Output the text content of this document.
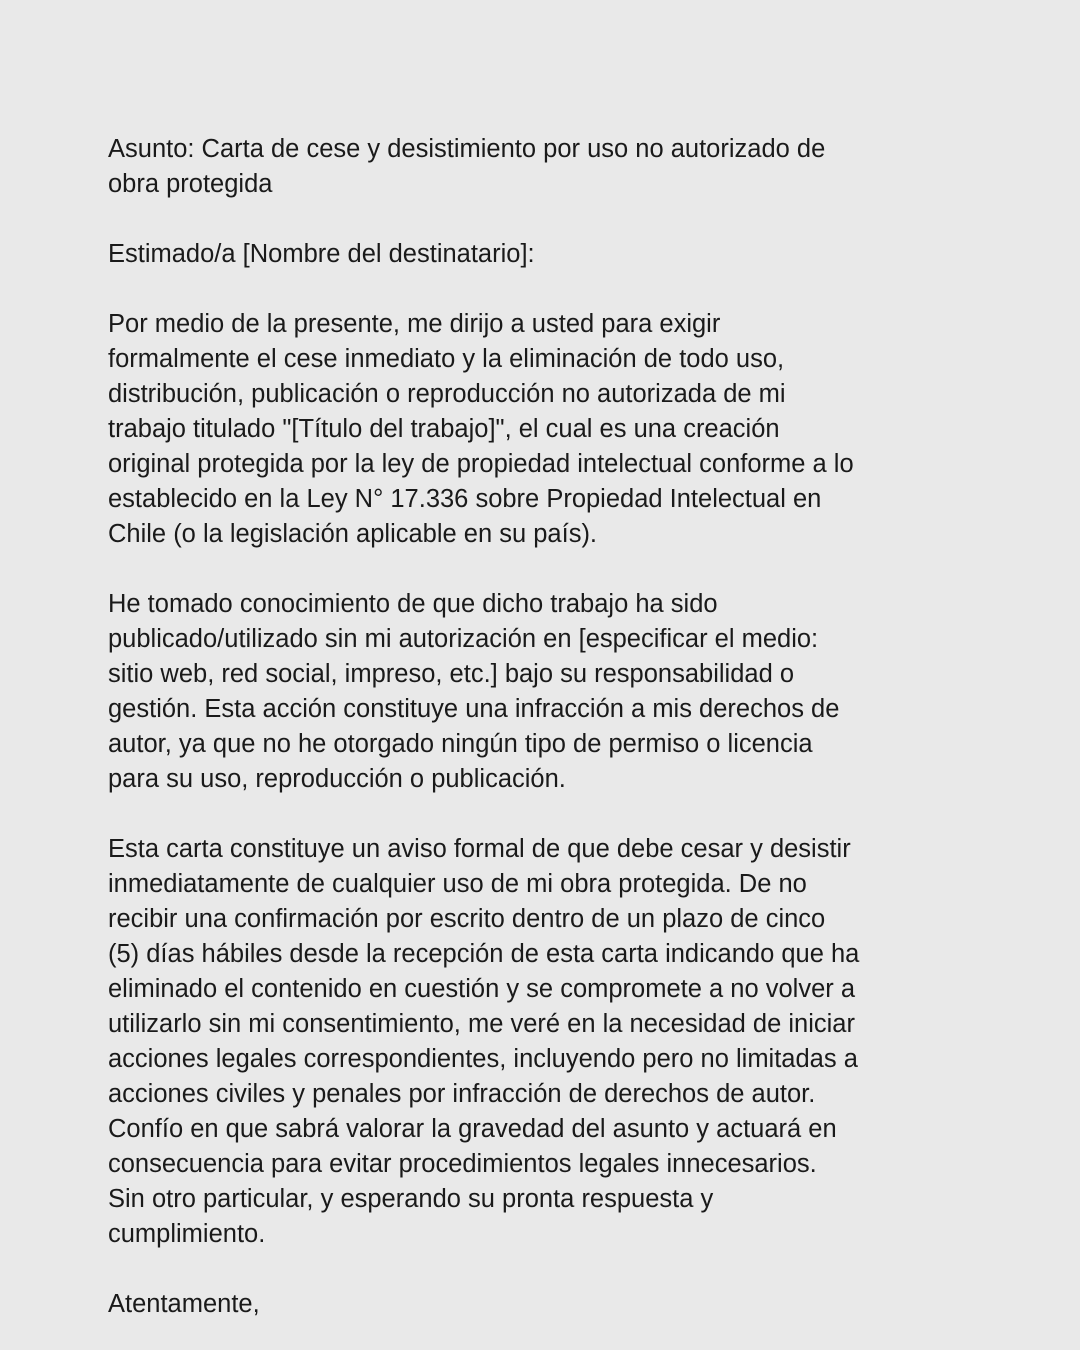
Asunto: Carta de cese y desistimiento por uso no autorizado de
obra protegida
Estimado/a [Nombre del destinatario]:
Por medio de la presente, me dirijo a usted para exigir
formalmente el cese inmediato y la eliminación de todo uso,
distribución, publicación o reproducción no autorizada de mi
trabajo titulado "[Título del trabajo]", el cual es una creación
original protegida por la ley de propiedad intelectual conforme a lo
establecido en la Ley N° 17.336 sobre Propiedad Intelectual en
Chile (o la legislación aplicable en su país).
He tomado conocimiento de que dicho trabajo ha sido
publicado/utilizado sin mi autorización en [especificar el medio:
sitio web, red social, impreso, etc.] bajo su responsabilidad o
gestión. Esta acción constituye una infracción a mis derechos de
autor, ya que no he otorgado ningún tipo de permiso o licencia
para su uso, reproducción o publicación.
Esta carta constituye un aviso formal de que debe cesar y desistir
inmediatamente de cualquier uso de mi obra protegida. De no
recibir una confirmación por escrito dentro de un plazo de cinco
(5) días hábiles desde la recepción de esta carta indicando que ha
eliminado el contenido en cuestión y se compromete a no volver a
utilizarlo sin mi consentimiento, me veré en la necesidad de iniciar
acciones legales correspondientes, incluyendo pero no limitadas a
acciones civiles y penales por infracción de derechos de autor.
Confío en que sabrá valorar la gravedad del asunto y actuará en
consecuencia para evitar procedimientos legales innecesarios.
Sin otro particular, y esperando su pronta respuesta y
cumplimiento.
Atentamente,
